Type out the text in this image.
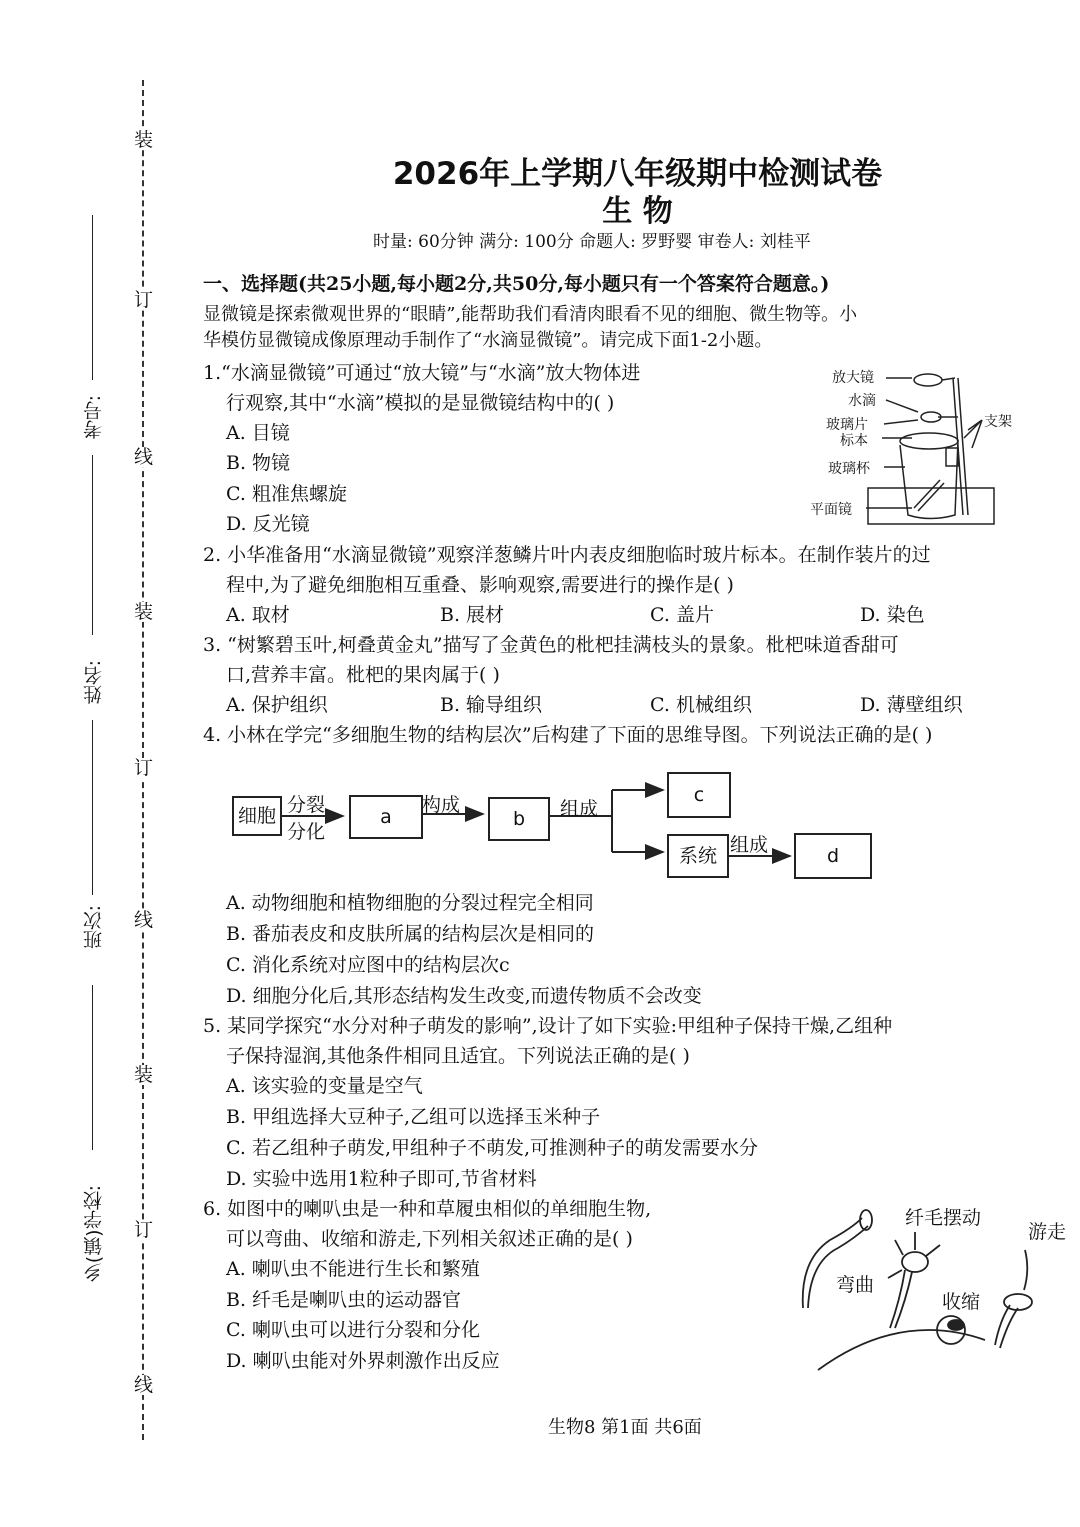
装
订
线
装
订
线
装
订
线
考号:
姓名:
班次:
乡(镇)学校:
2026年上学期八年级期中检测试卷
生 物
时量: 60分钟 满分: 100分 命题人: 罗野婴 审卷人: 刘桂平
一、选择题(共25小题,每小题2分,共50分,每小题只有一个答案符合题意。)
显微镜是探索微观世界的“眼睛”,能帮助我们看清肉眼看不见的细胞、微生物等。小
华模仿显微镜成像原理动手制作了“水滴显微镜”。请完成下面1-2小题。
1.“水滴显微镜”可通过“放大镜”与“水滴”放大物体进
行观察,其中“水滴”模拟的是显微镜结构中的( )
A. 目镜
B. 物镜
C. 粗准焦螺旋
D. 反光镜
放大镜
水滴
玻璃片
标本
玻璃杯
平面镜
支架
2. 小华准备用“水滴显微镜”观察洋葱鳞片叶内表皮细胞临时玻片标本。在制作装片的过
程中,为了避免细胞相互重叠、影响观察,需要进行的操作是( )
A. 取材	B. 展材	C. 盖片	D. 染色
3. “树繁碧玉叶,柯叠黄金丸”描写了金黄色的枇杷挂满枝头的景象。枇杷味道香甜可
口,营养丰富。枇杷的果肉属于( )
A. 保护组织	B. 输导组织	C. 机械组织	D. 薄壁组织
4. 小林在学完“多细胞生物的结构层次”后构建了下面的思维导图。下列说法正确的是( )
细胞	a	b
c
系统	d
分裂
分化
构成	组成
组成
A. 动物细胞和植物细胞的分裂过程完全相同
B. 番茄表皮和皮肤所属的结构层次是相同的
C. 消化系统对应图中的结构层次c
D. 细胞分化后,其形态结构发生改变,而遗传物质不会改变
5. 某同学探究“水分对种子萌发的影响”,设计了如下实验:甲组种子保持干燥,乙组种
子保持湿润,其他条件相同且适宜。下列说法正确的是( )
A. 该实验的变量是空气
B. 甲组选择大豆种子,乙组可以选择玉米种子
C. 若乙组种子萌发,甲组种子不萌发,可推测种子的萌发需要水分
D. 实验中选用1粒种子即可,节省材料
6. 如图中的喇叭虫是一种和草履虫相似的单细胞生物,
可以弯曲、收缩和游走,下列相关叙述正确的是( )
A. 喇叭虫不能进行生长和繁殖
B. 纤毛是喇叭虫的运动器官
C. 喇叭虫可以进行分裂和分化
D. 喇叭虫能对外界刺激作出反应
纤毛摆动
游走
弯曲
收缩
生物8 第1面 共6面
